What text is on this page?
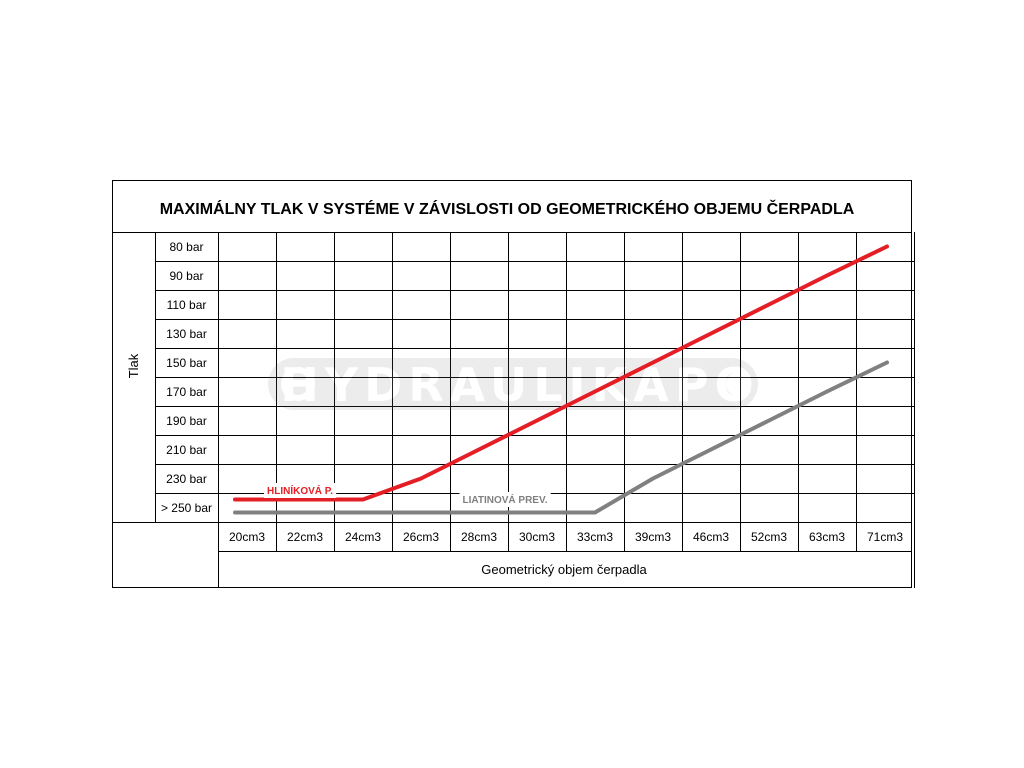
MAXIMÁLNY TLAK V SYSTÉME V ZÁVISLOSTI OD GEOMETRICKÉHO OBJEMU ČERPADLA
HYDRAULIKAPO
80 bar
90 bar
110 bar
130 bar
150 bar
170 bar
190 bar
210 bar
230 bar
> 250 bar
20cm3 22cm3 24cm3 26cm3 28cm3 30cm3 33cm3 39cm3 46cm3 52cm3 63cm3 71cm3
Tlak
Geometrický objem čerpadla
HLINÍKOVÁ P.
LIATINOVÁ PREV.
